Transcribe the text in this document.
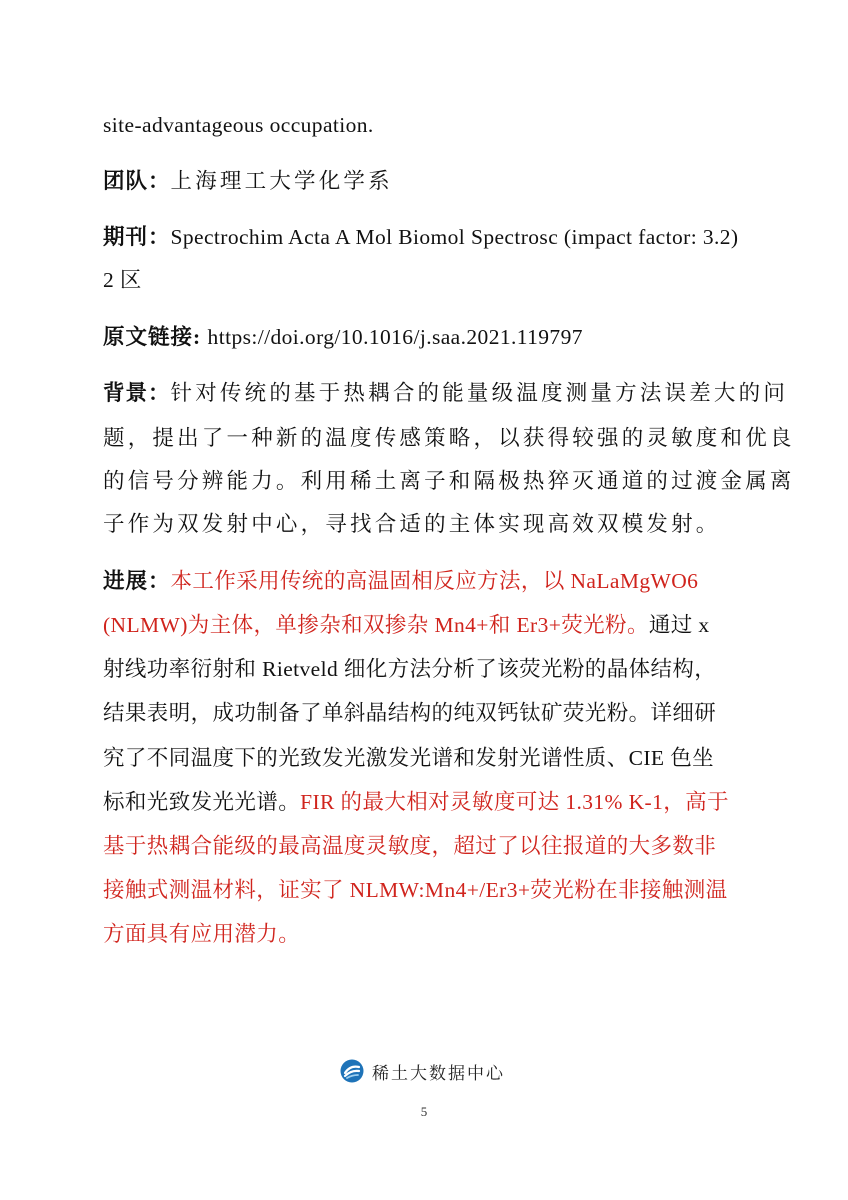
site-advantageous occupation.
团队：上海理工大学化学系
期刊：Spectrochim Acta A Mol Biomol Spectrosc (impact factor: 3.2)
2 区
原文链接: https://doi.org/10.1016/j.saa.2021.119797
背景：针对传统的基于热耦合的能量级温度测量方法误差大的问
题，提出了一种新的温度传感策略，以获得较强的灵敏度和优良
的信号分辨能力。利用稀土离子和隔极热猝灭通道的过渡金属离
子作为双发射中心，寻找合适的主体实现高效双模发射。
进展：本工作采用传统的高温固相反应方法，以 NaLaMgWO6
(NLMW)为主体，单掺杂和双掺杂 Mn4+和 Er3+荧光粉。通过 x
射线功率衍射和 Rietveld 细化方法分析了该荧光粉的晶体结构，
结果表明，成功制备了单斜晶结构的纯双钙钛矿荧光粉。详细研
究了不同温度下的光致发光激发光谱和发射光谱性质、CIE 色坐
标和光致发光光谱。FIR 的最大相对灵敏度可达 1.31% K-1，高于
基于热耦合能级的最高温度灵敏度，超过了以往报道的大多数非
接触式测温材料，证实了 NLMW:Mn4+/Er3+荧光粉在非接触测温
方面具有应用潜力。
稀土大数据中心
5
